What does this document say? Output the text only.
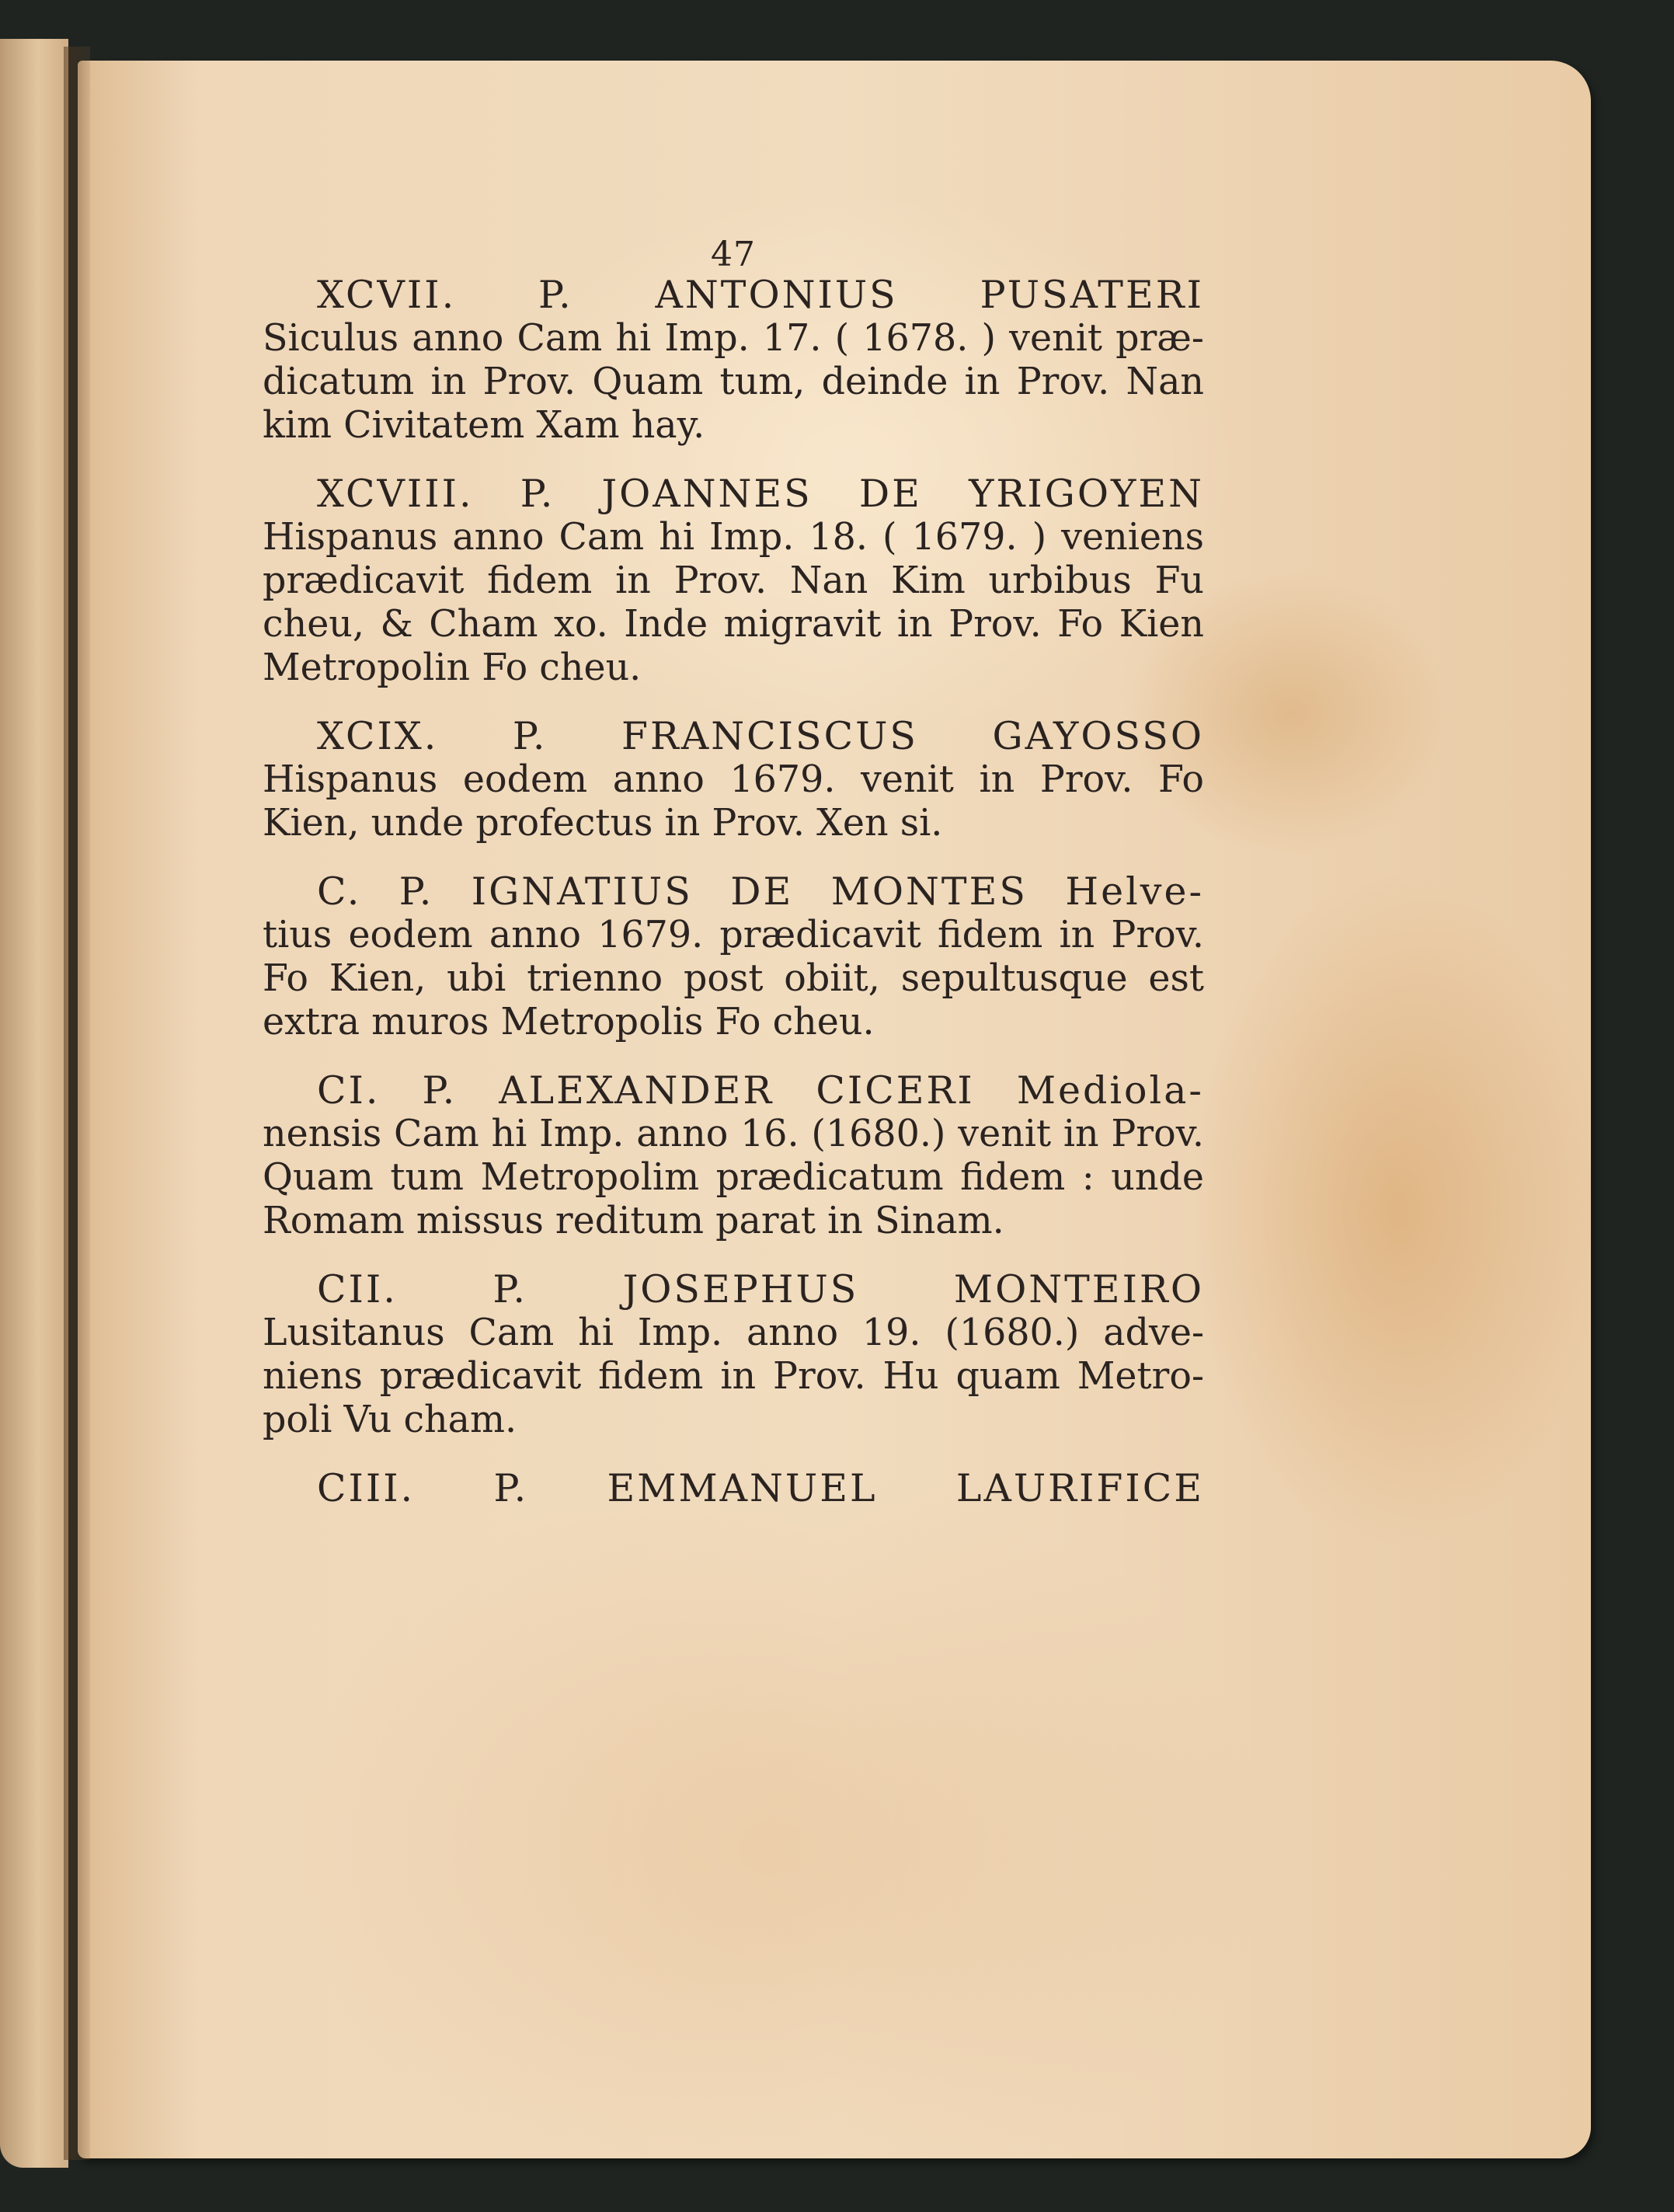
47
XCVII. P. ANTONIUS PUSATERI
Siculus anno Cam hi Imp. 17. ( 1678. ) venit præ-
dicatum in Prov. Quam tum, deinde in Prov. Nan
kim Civitatem Xam hay.
XCVIII. P. JOANNES DE YRIGOYEN
Hispanus anno Cam hi Imp. 18. ( 1679. ) veniens
prædicavit fidem in Prov. Nan Kim urbibus Fu
cheu, & Cham xo. Inde migravit in Prov. Fo Kien
Metropolin Fo cheu.
XCIX. P. FRANCISCUS GAYOSSO
Hispanus eodem anno 1679. venit in Prov. Fo
Kien, unde profectus in Prov. Xen si.
C. P. IGNATIUS DE MONTES Helve-
tius eodem anno 1679. prædicavit fidem in Prov.
Fo Kien, ubi trienno post obiit, sepultusque est
extra muros Metropolis Fo cheu.
CI. P. ALEXANDER CICERI Mediola-
nensis Cam hi Imp. anno 16. (1680.) venit in Prov.
Quam tum Metropolim prædicatum fidem : unde
Romam missus reditum parat in Sinam.
CII. P. JOSEPHUS MONTEIRO
Lusitanus Cam hi Imp. anno 19. (1680.) adve-
niens prædicavit fidem in Prov. Hu quam Metro-
poli Vu cham.
CIII. P. EMMANUEL LAURIFICE
